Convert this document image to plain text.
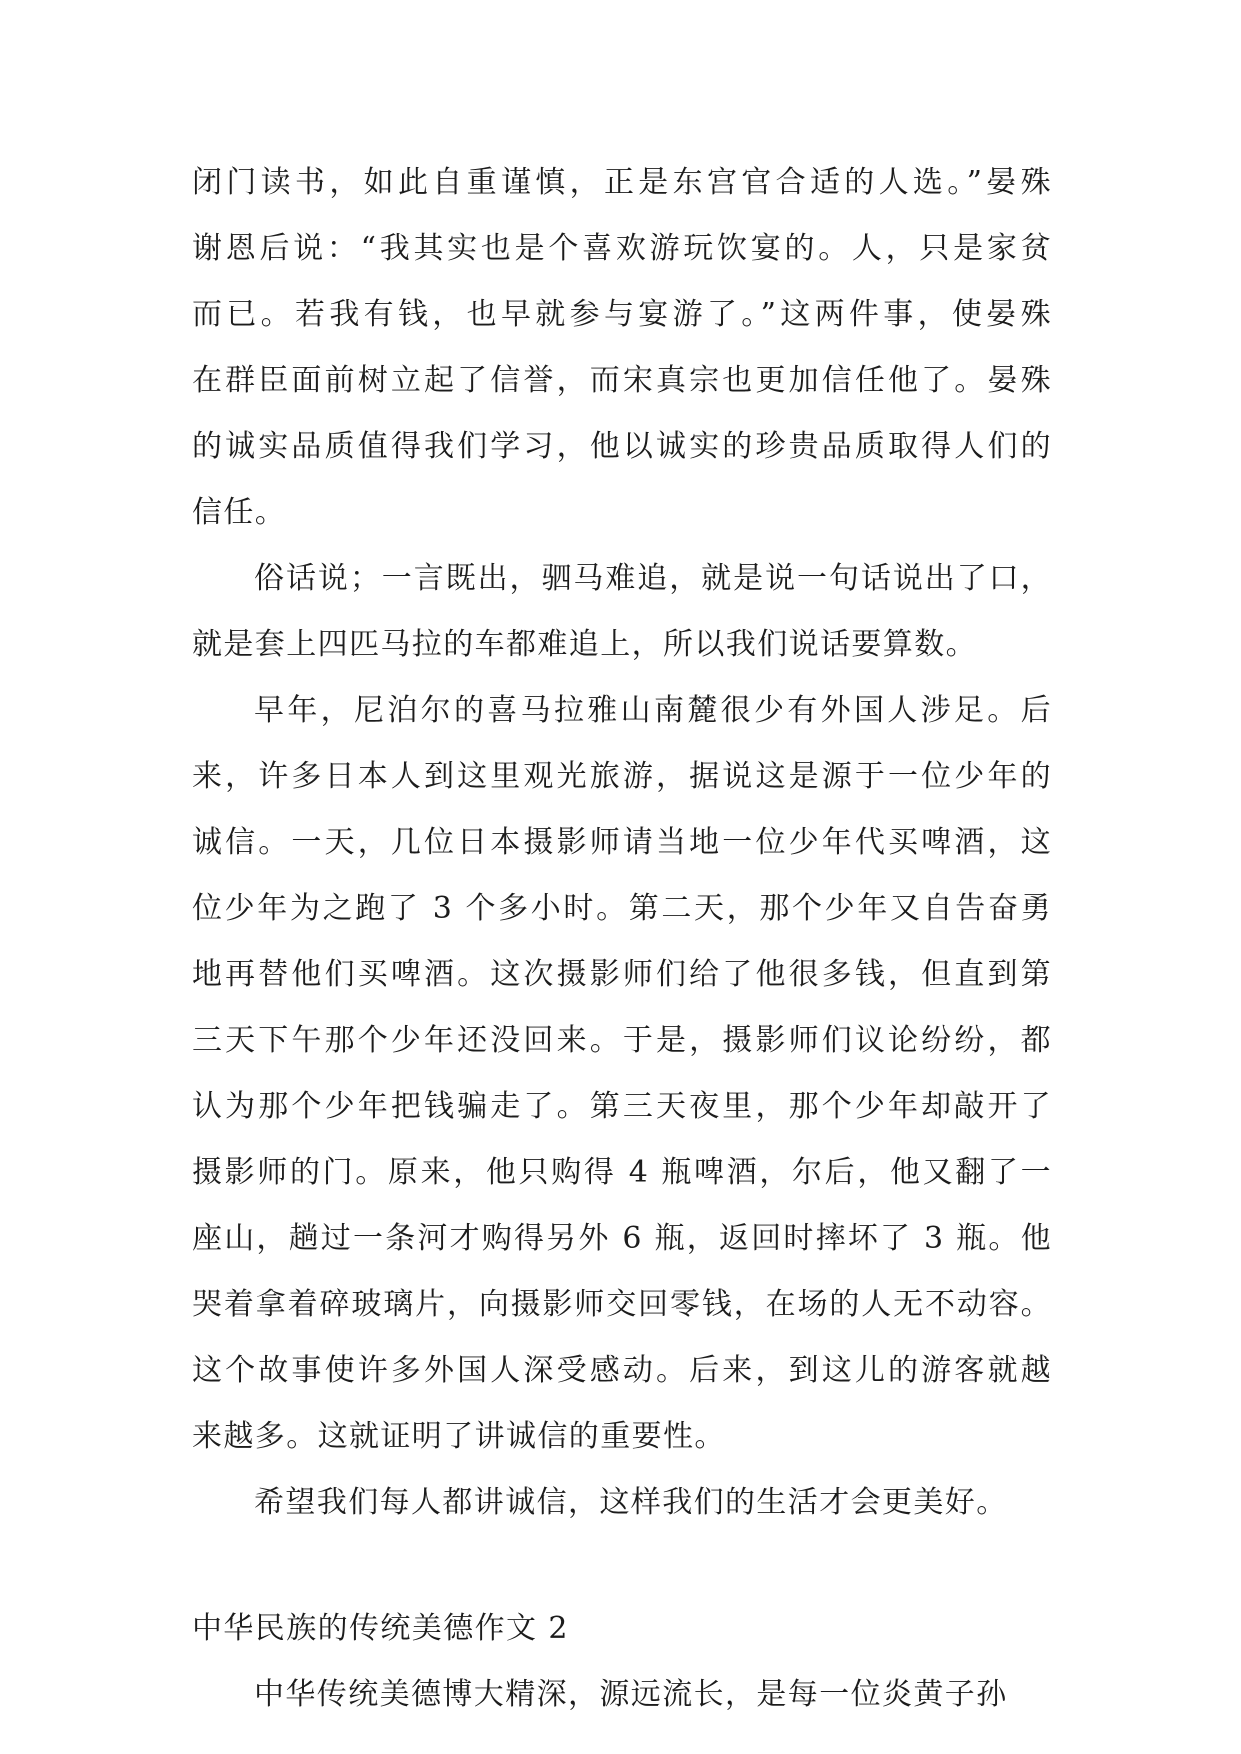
闭门读书，如此自重谨慎，正是东宫官合适的人选。”晏殊
谢恩后说：“我其实也是个喜欢游玩饮宴的。人，只是家贫
而已。若我有钱，也早就参与宴游了。”这两件事，使晏殊
在群臣面前树立起了信誉，而宋真宗也更加信任他了。晏殊
的诚实品质值得我们学习，他以诚实的珍贵品质取得人们的
信任。
俗话说；一言既出，驷马难追，就是说一句话说出了口，
就是套上四匹马拉的车都难追上，所以我们说话要算数。
早年，尼泊尔的喜马拉雅山南麓很少有外国人涉足。后
来，许多日本人到这里观光旅游，据说这是源于一位少年的
诚信。一天，几位日本摄影师请当地一位少年代买啤酒，这
位少年为之跑了 3 个多小时。第二天，那个少年又自告奋勇
地再替他们买啤酒。这次摄影师们给了他很多钱，但直到第
三天下午那个少年还没回来。于是，摄影师们议论纷纷，都
认为那个少年把钱骗走了。第三天夜里，那个少年却敲开了
摄影师的门。原来，他只购得 4 瓶啤酒，尔后，他又翻了一
座山，趟过一条河才购得另外 6 瓶，返回时摔坏了 3 瓶。他
哭着拿着碎玻璃片，向摄影师交回零钱，在场的人无不动容。
这个故事使许多外国人深受感动。后来，到这儿的游客就越
来越多。这就证明了讲诚信的重要性。
希望我们每人都讲诚信，这样我们的生活才会更美好。
中华民族的传统美德作文 2
中华传统美德博大精深，源远流长，是每一位炎黄子孙
